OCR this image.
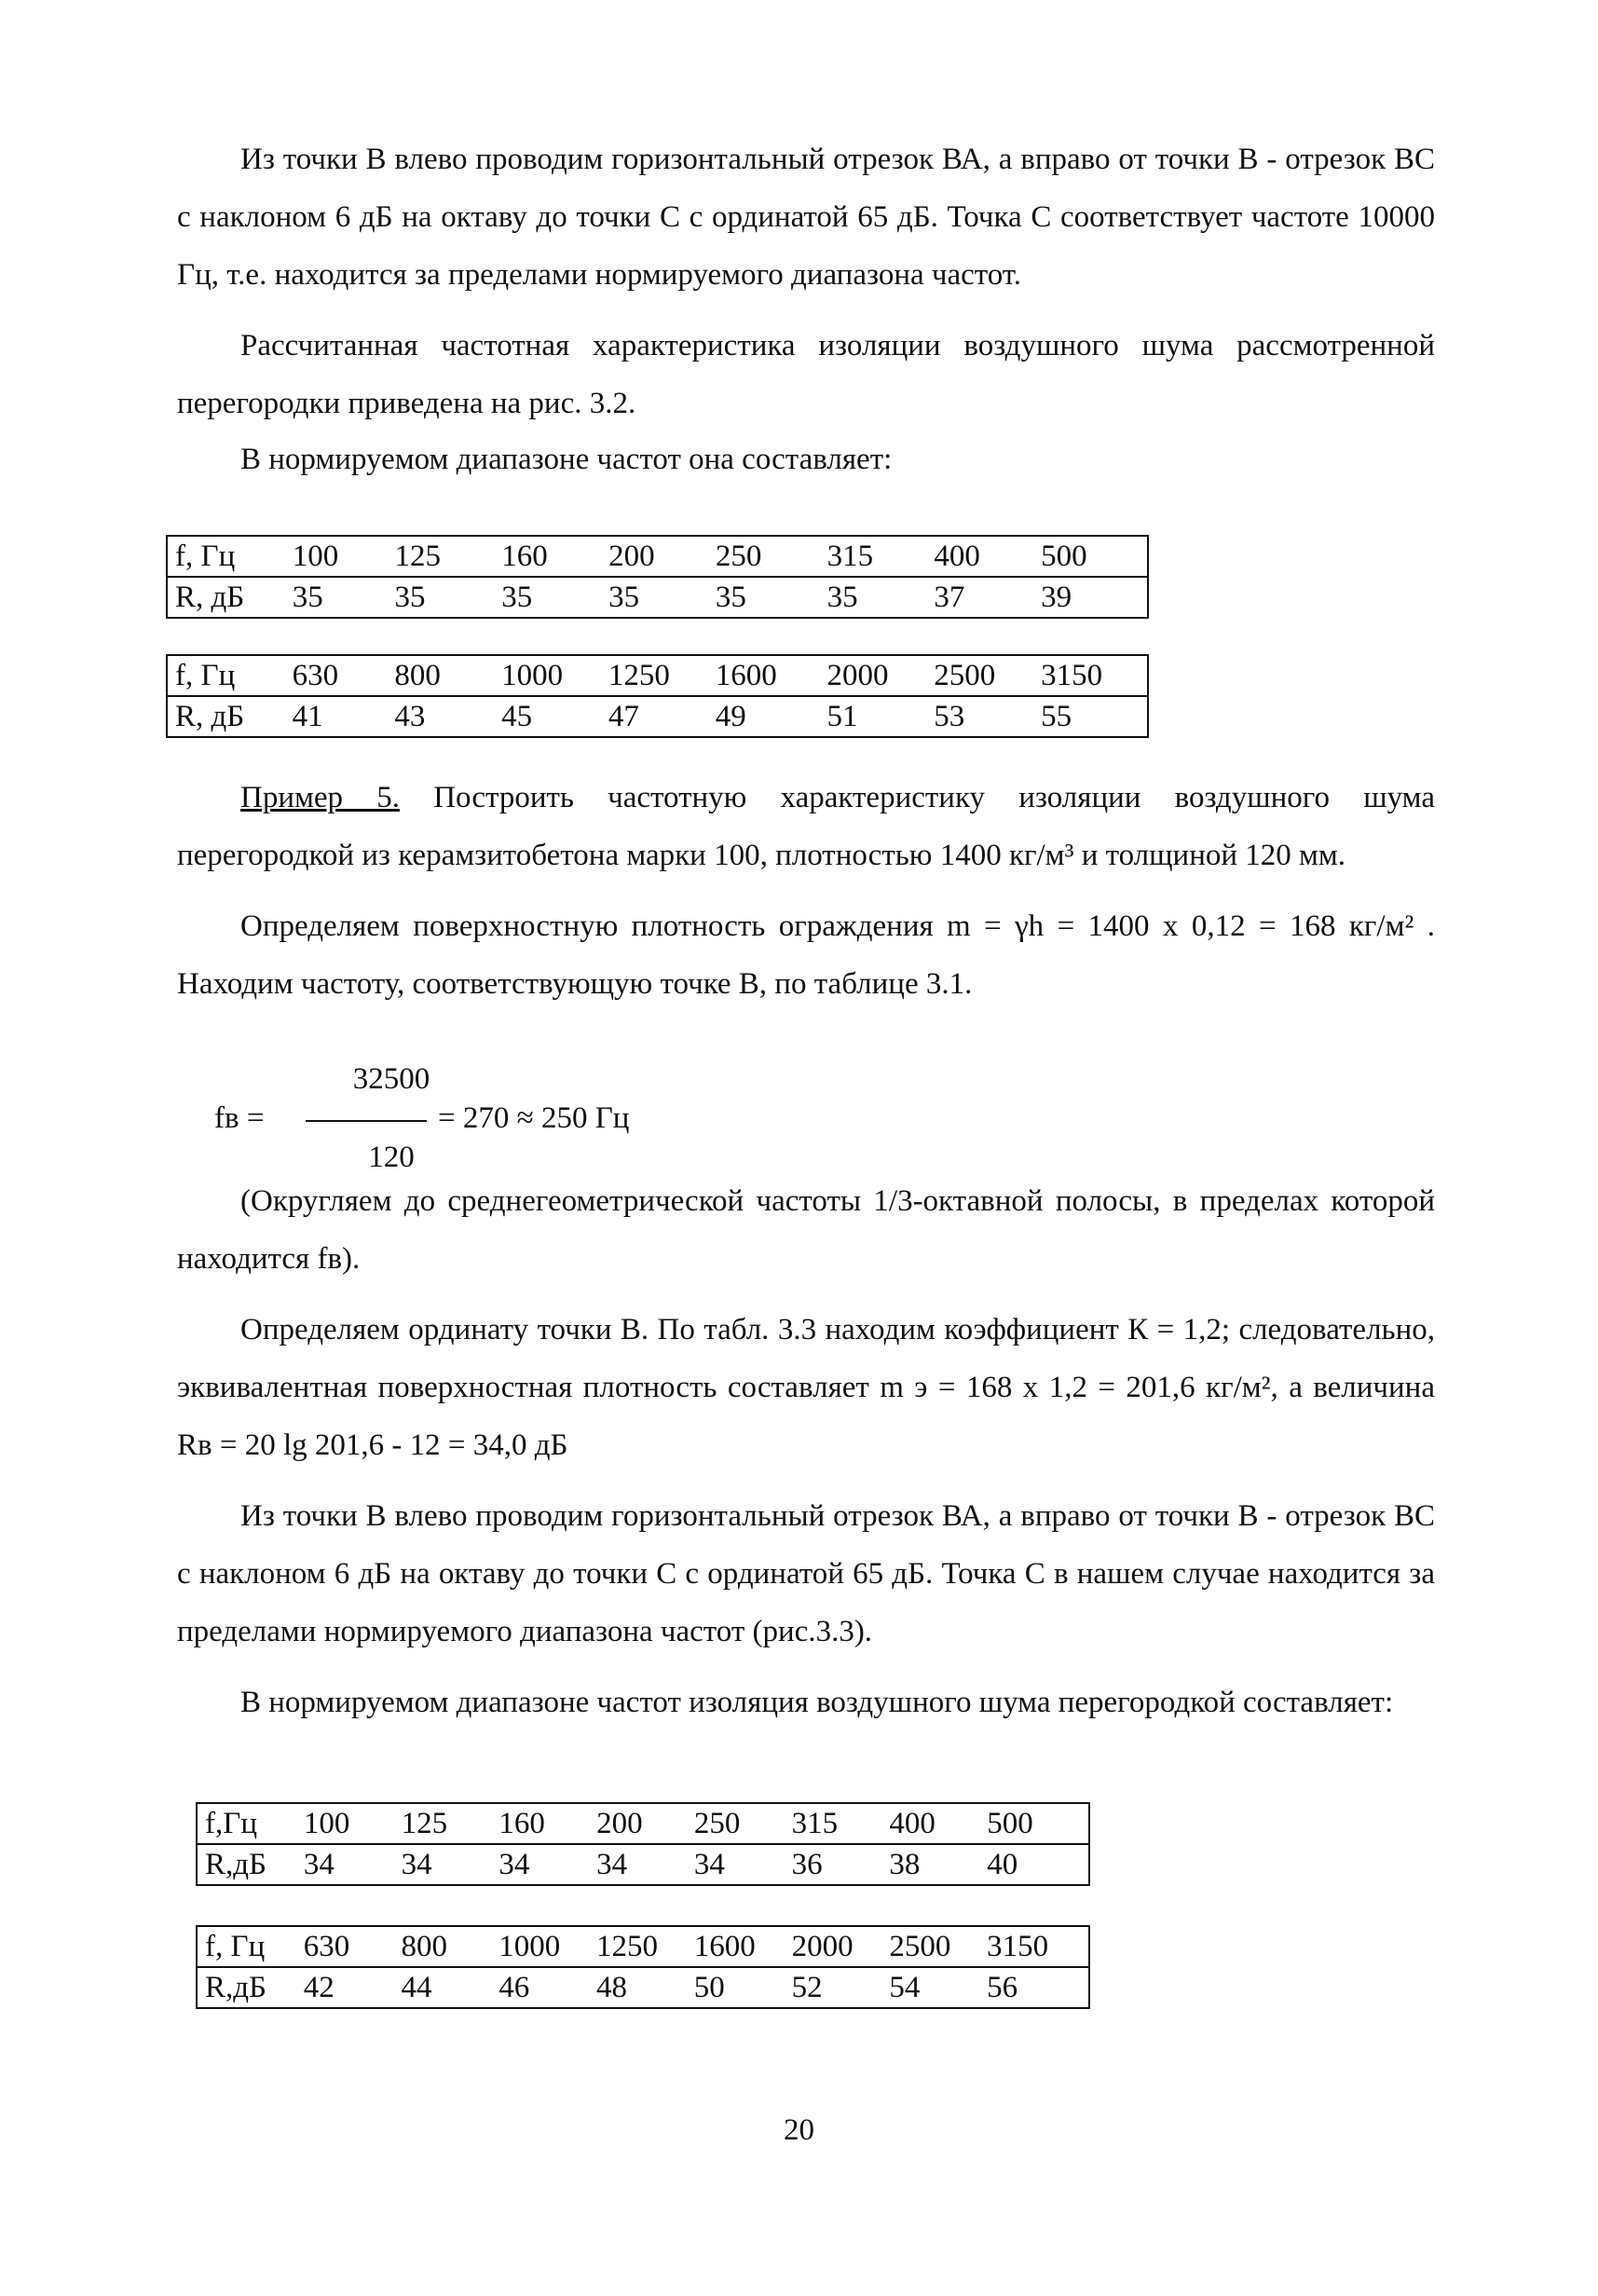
Из точки В влево проводим горизонтальный отрезок ВА, а вправо от точки В - отрезок ВС с наклоном 6 дБ на октаву до точки С с ординатой 65 дБ. Точка С соответствует частоте 10000 Гц, т.е. находится за пределами нормируемого диапазона частот.

Рассчитанная частотная характеристика изоляции воздушного шума рассмотренной перегородки приведена на рис. 3.2.

В нормируемом диапазоне частот она составляет:

f, Гц	100	125	160	200	250	315	400	500
R, дБ	35	35	35	35	35	35	37	39
f, Гц	630	800	1000	1250	1600	2000	2500	3150
R, дБ	41	43	45	47	49	51	53	55

Пример 5. Построить частотную характеристику изоляции воздушного шума перегородкой из керамзитобетона марки 100, плотностью 1400 кг/м³ и толщиной 120 мм.

Определяем поверхностную плотность ограждения m = γh = 1400 х 0,12 = 168 кг/м² . Находим частоту, соответствующую точке В, по таблице 3.1.

32500
fв =	= 270 ≈ 250 Гц
120

(Округляем до среднегеометрической частоты 1/3-октавной полосы, в пределах которой находится fв).

Определяем ординату точки В. По табл. 3.3 находим коэффициент К = 1,2; следовательно, эквивалентная поверхностная плотность составляет m э = 168 х 1,2 = 201,6 кг/м², а величина Rв = 20 lg 201,6 - 12 = 34,0 дБ

Из точки В влево проводим горизонтальный отрезок ВА, а вправо от точки В - отрезок ВС с наклоном 6 дБ на октаву до точки С с ординатой 65 дБ. Точка С в нашем случае находится за пределами нормируемого диапазона частот (рис.3.3).

В нормируемом диапазоне частот изоляция воздушного шума перегородкой составляет:

f,Гц	100	125	160	200	250	315	400	500
R,дБ	34	34	34	34	34	36	38	40
f, Гц	630	800	1000	1250	1600	2000	2500	3150
R,дБ	42	44	46	48	50	52	54	56
20
